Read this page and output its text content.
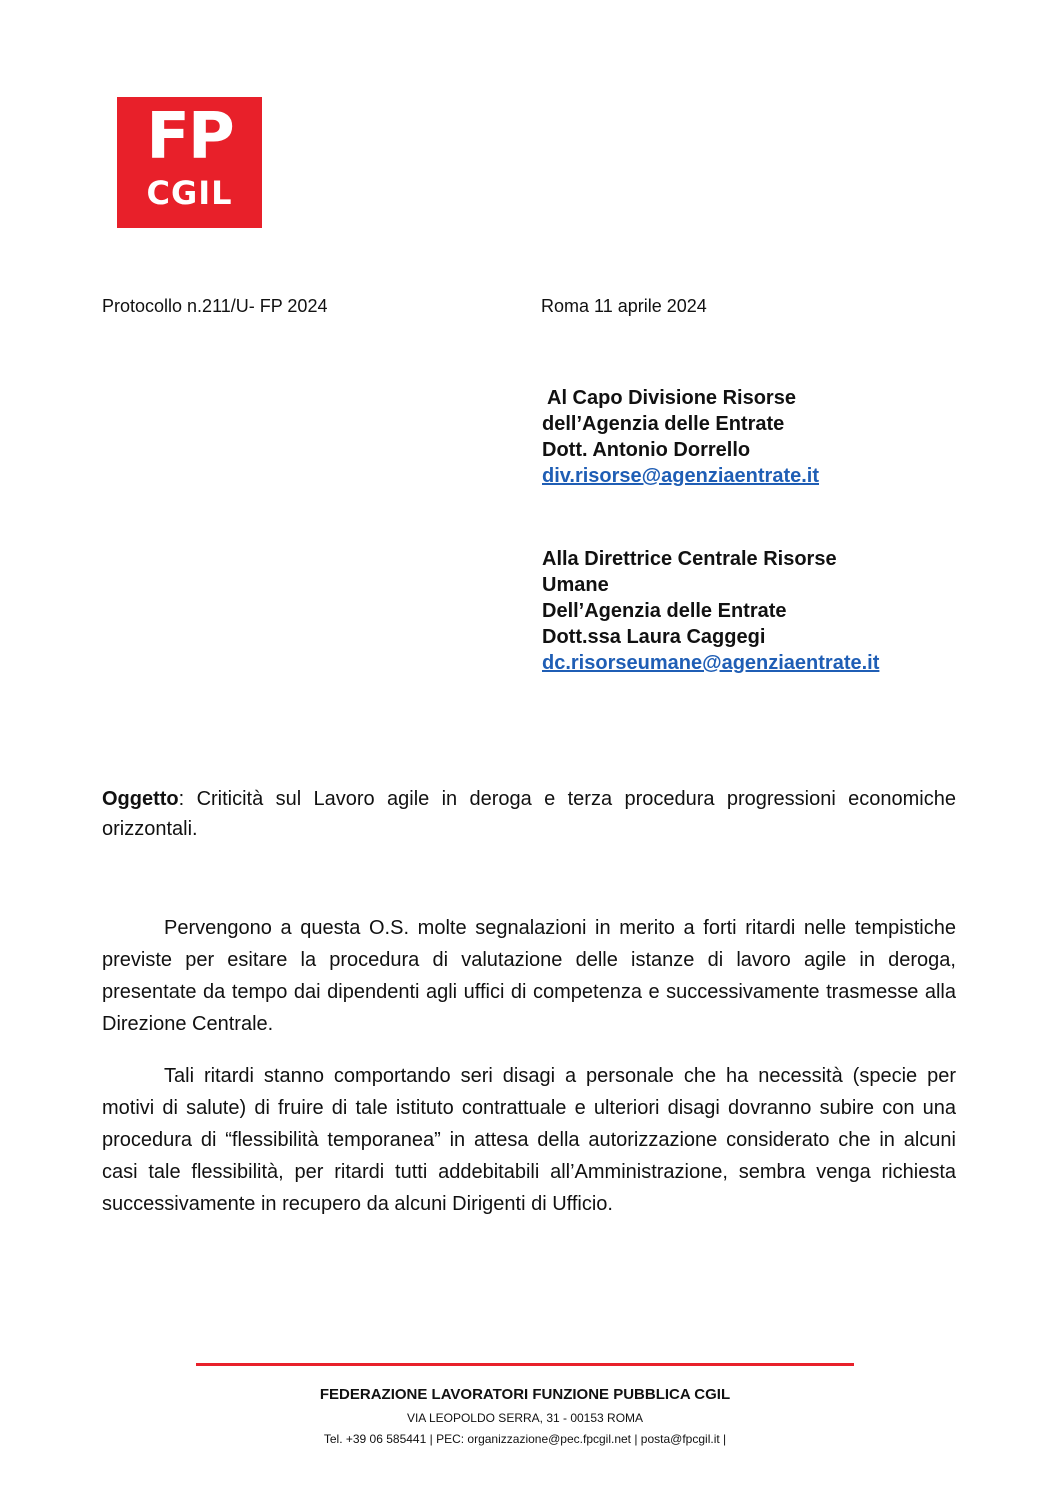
FP
CGIL
Protocollo n.211/U- FP 2024	Roma 11 aprile 2024
Al Capo Divisione Risorse
dell’Agenzia delle Entrate
Dott. Antonio Dorrello
div.risorse@agenziaentrate.it
Alla Direttrice Centrale Risorse
Umane
Dell’Agenzia delle Entrate
Dott.ssa Laura Caggegi
dc.risorseumane@agenziaentrate.it
Oggetto: Criticità sul Lavoro agile in deroga e terza procedura progressioni economiche orizzontali.
Pervengono a questa O.S. molte segnalazioni in merito a forti ritardi nelle tempistiche previste per esitare la procedura di valutazione delle istanze di lavoro agile in deroga, presentate da tempo dai dipendenti agli uffici di competenza e successivamente trasmesse alla Direzione Centrale.
Tali ritardi stanno comportando seri disagi a personale che ha necessità (specie per motivi di salute) di fruire di tale istituto contrattuale e ulteriori disagi dovranno subire con una procedura di “flessibilità temporanea” in attesa della autorizzazione considerato che in alcuni casi tale flessibilità, per ritardi tutti addebitabili all’Amministrazione, sembra venga richiesta successivamente in recupero da alcuni Dirigenti di Ufficio.
FEDERAZIONE LAVORATORI FUNZIONE PUBBLICA CGIL
VIA LEOPOLDO SERRA, 31 - 00153 ROMA
Tel. +39 06 585441 | PEC: organizzazione@pec.fpcgil.net | posta@fpcgil.it |
